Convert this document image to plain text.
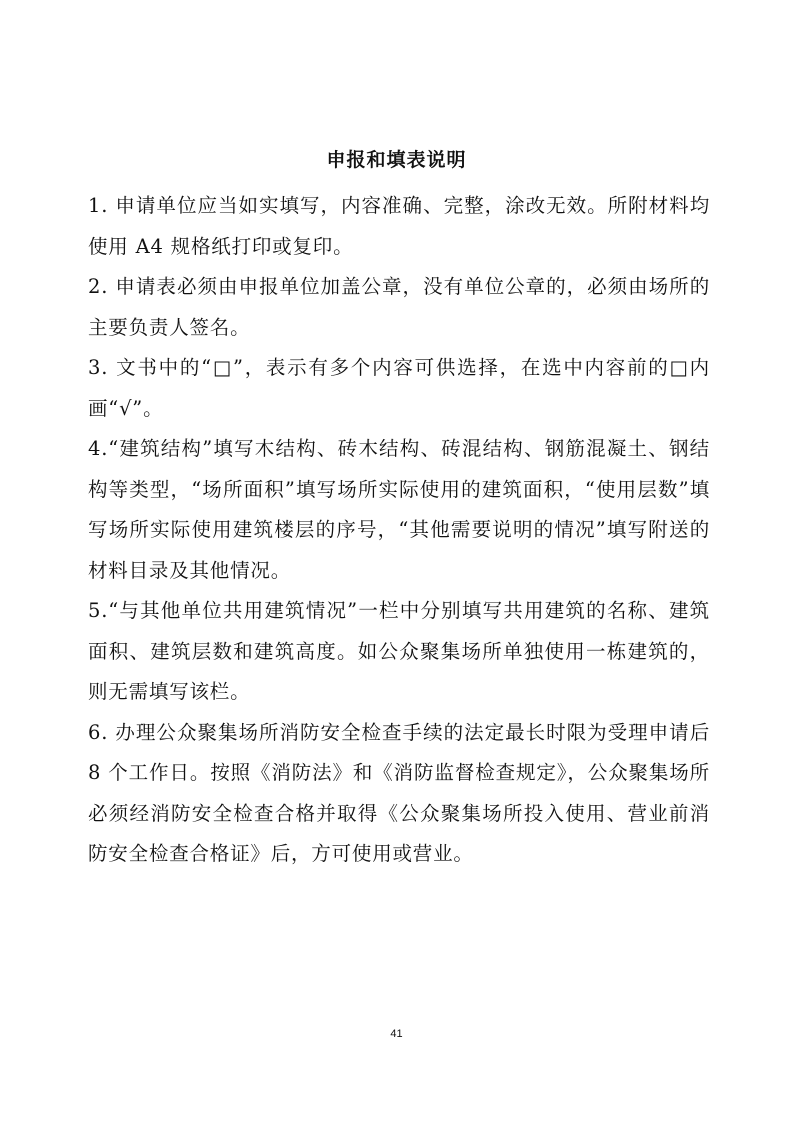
申报和填表说明

1. 申请单位应当如实填写，内容准确、完整，涂改无效。所附材料均使用 A4 规格纸打印或复印。

2. 申请表必须由申报单位加盖公章，没有单位公章的，必须由场所的主要负责人签名。

3. 文书中的“□”，表示有多个内容可供选择，在选中内容前的□内画“√”。

4.“建筑结构”填写木结构、砖木结构、砖混结构、钢筋混凝土、钢结构等类型，“场所面积”填写场所实际使用的建筑面积，“使用层数”填写场所实际使用建筑楼层的序号，“其他需要说明的情况”填写附送的材料目录及其他情况。

5.“与其他单位共用建筑情况”一栏中分别填写共用建筑的名称、建筑面积、建筑层数和建筑高度。如公众聚集场所单独使用一栋建筑的，则无需填写该栏。

6. 办理公众聚集场所消防安全检查手续的法定最长时限为受理申请后 8 个工作日。按照《消防法》和《消防监督检查规定》，公众聚集场所必须经消防安全检查合格并取得《公众聚集场所投入使用、营业前消防安全检查合格证》后，方可使用或营业。

41
